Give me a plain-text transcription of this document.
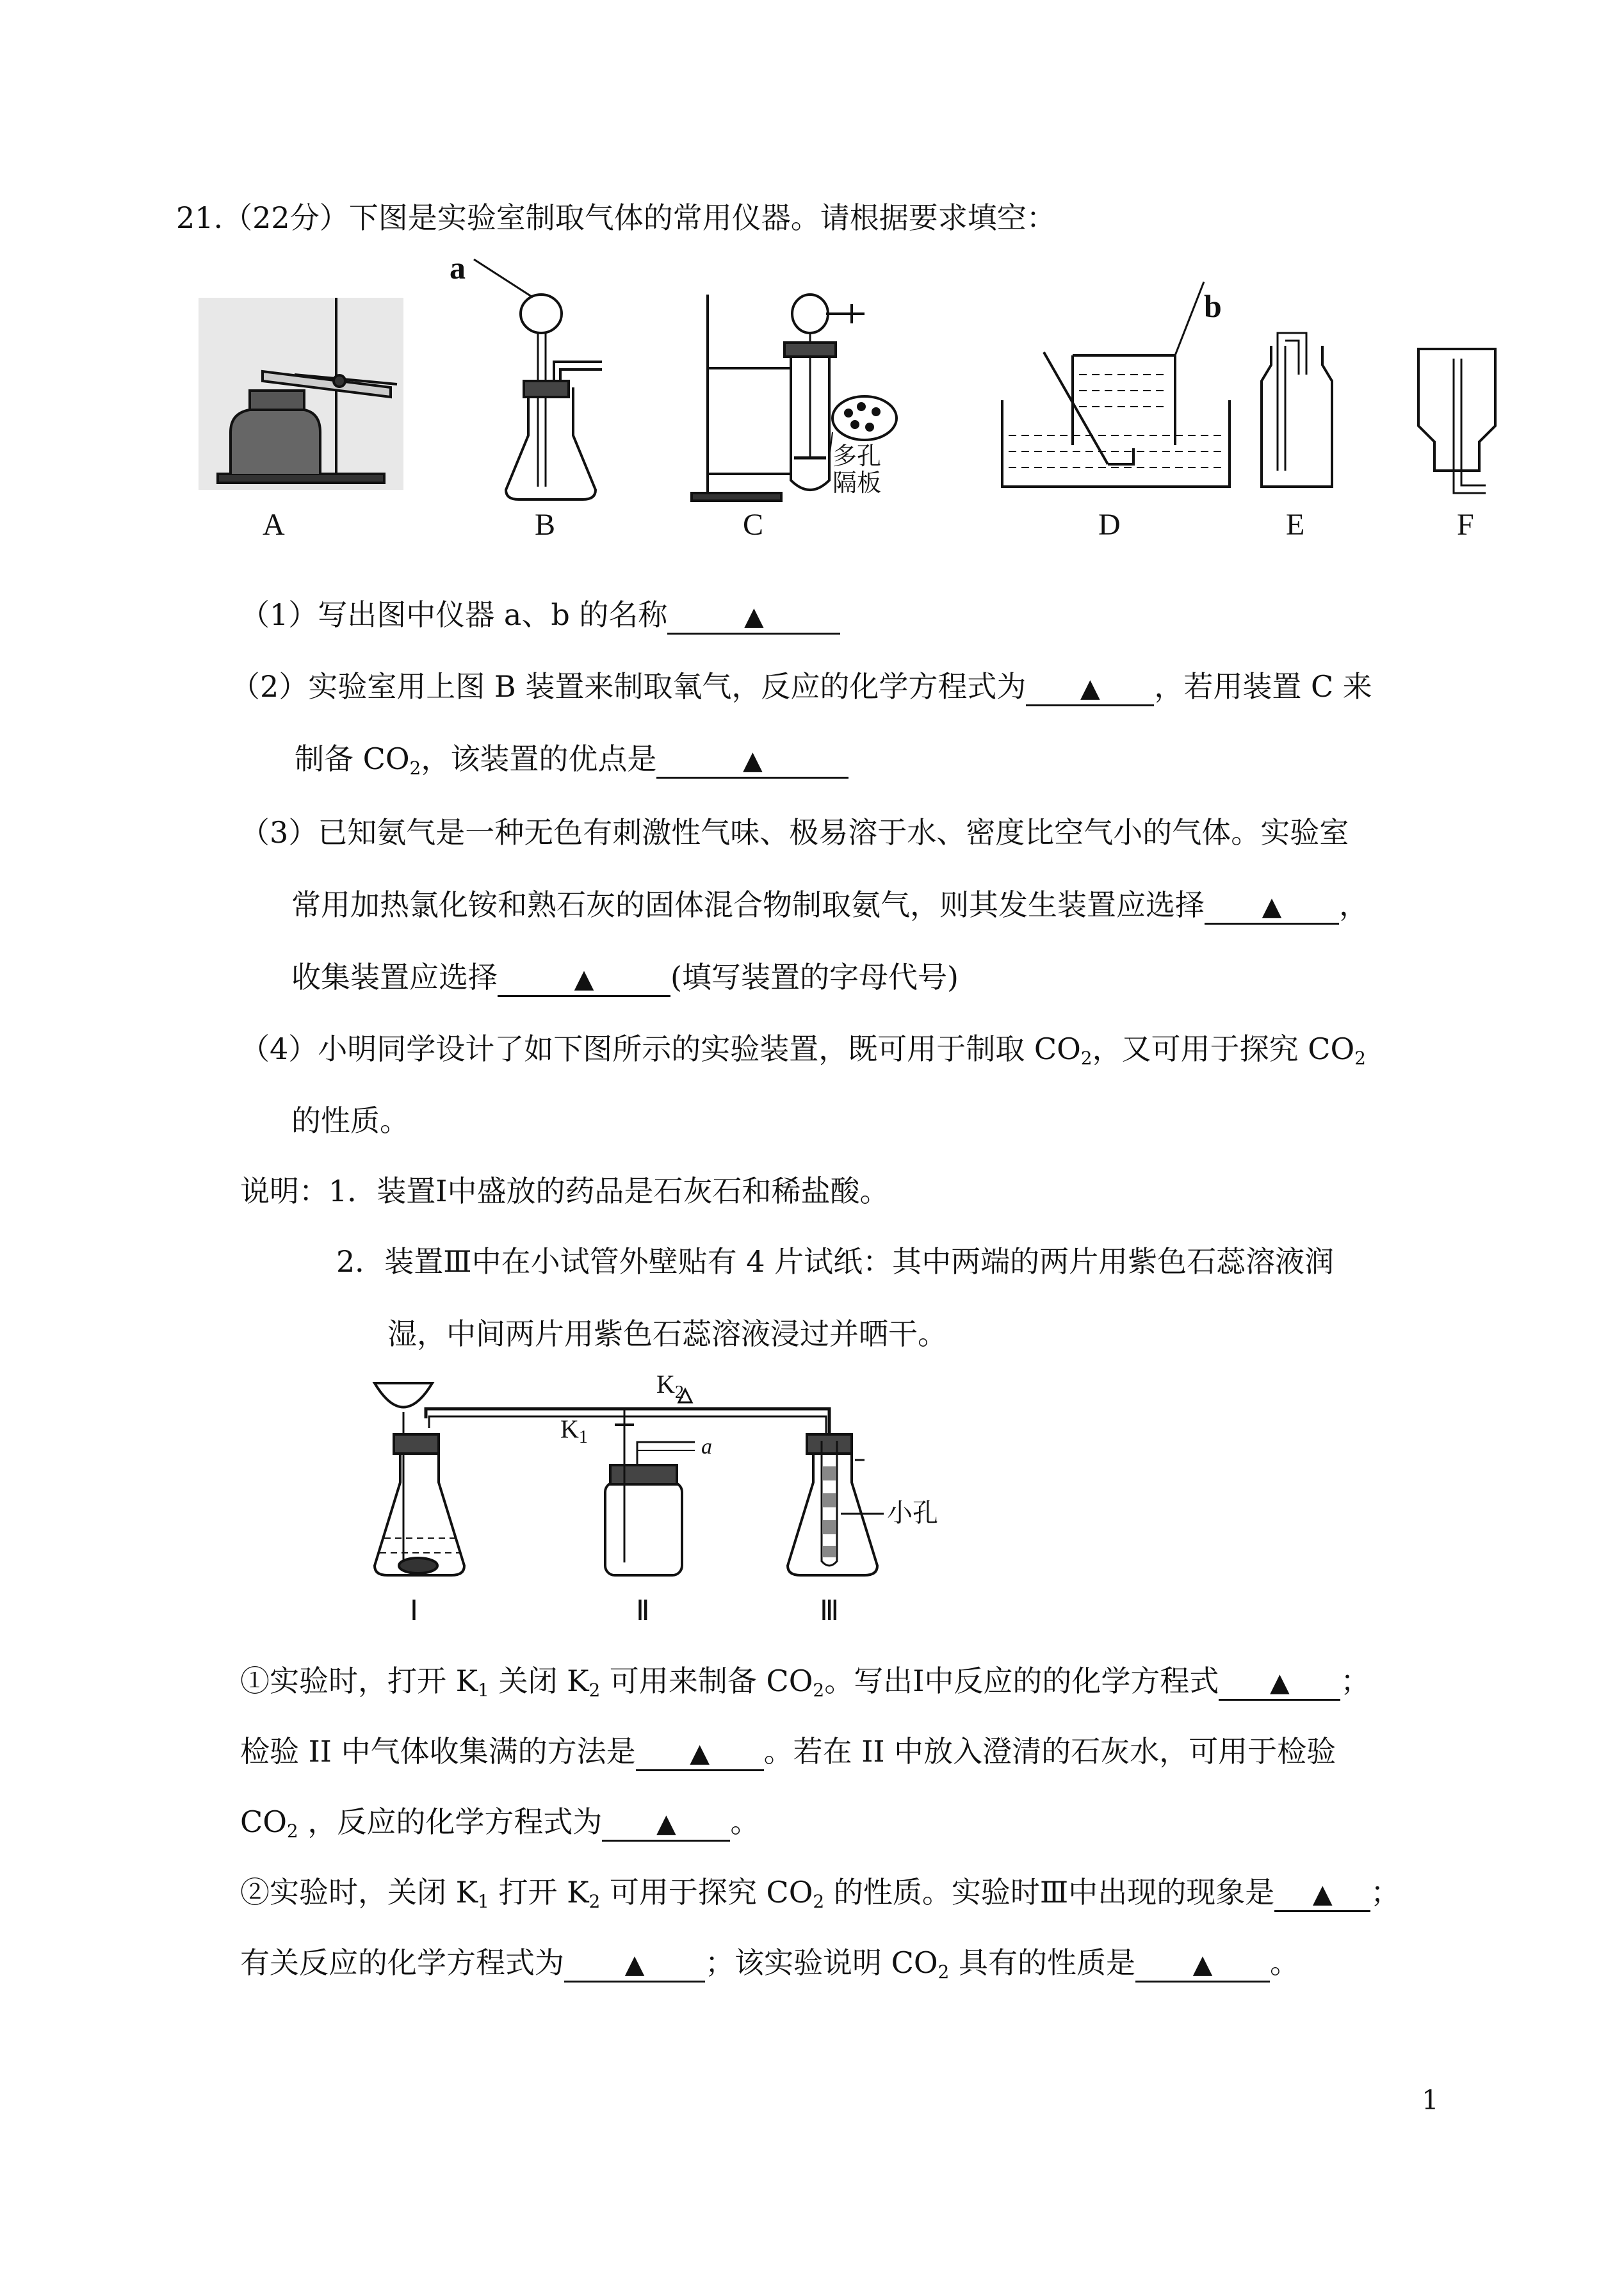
21.（22分）下图是实验室制取气体的常用仪器。请根据要求填空：
A
a
B
多孔
隔板
C
b
D	E	F
（1）写出图中仪器 a、b 的名称	▲
（2）实验室用上图 B 装置来制取氧气，反应的化学方程式为 ▲ ，若用装置 C 来
制备 $CO_2$，该装置的优点是	▲
（3）已知氨气是一种无色有刺激性气味、极易溶于水、密度比空气小的气体。实验室
常用加热氯化铵和熟石灰的固体混合物制取氨气，则其发生装置应选择 ▲ ，
收集装置应选择	▲	(填写装置的字母代号)
（4）小明同学设计了如下图所示的实验装置，既可用于制取 $CO_2$，又可用于探究 $CO_2$
的性质。
说明：1．装置Ⅰ中盛放的药品是石灰石和稀盐酸。
2．装置Ⅲ中在小试管外壁贴有 4 片试纸：其中两端的两片用紫色石蕊溶液润
湿，中间两片用紫色石蕊溶液浸过并晒干。
$K_2$
$K_1$	a
小孔
Ⅰ	Ⅱ	Ⅲ
①实验时，打开 $K_1$ 关闭 $K_2$ 可用来制备 $CO_2$。写出Ⅰ中反应的的化学方程式 ▲ ；
检验 II 中气体收集满的方法是 ▲ 。若在 II 中放入澄清的石灰水，可用于检验
$CO_2$ ，反应的化学方程式为 ▲ 。
②实验时，关闭 $K_1$ 打开 $K_2$ 可用于探究 $CO_2$ 的性质。实验时Ⅲ中出现的现象是 ▲ ；
有关反应的化学方程式为 ▲ ；该实验说明 $CO_2$ 具有的性质是 ▲ 。
1
